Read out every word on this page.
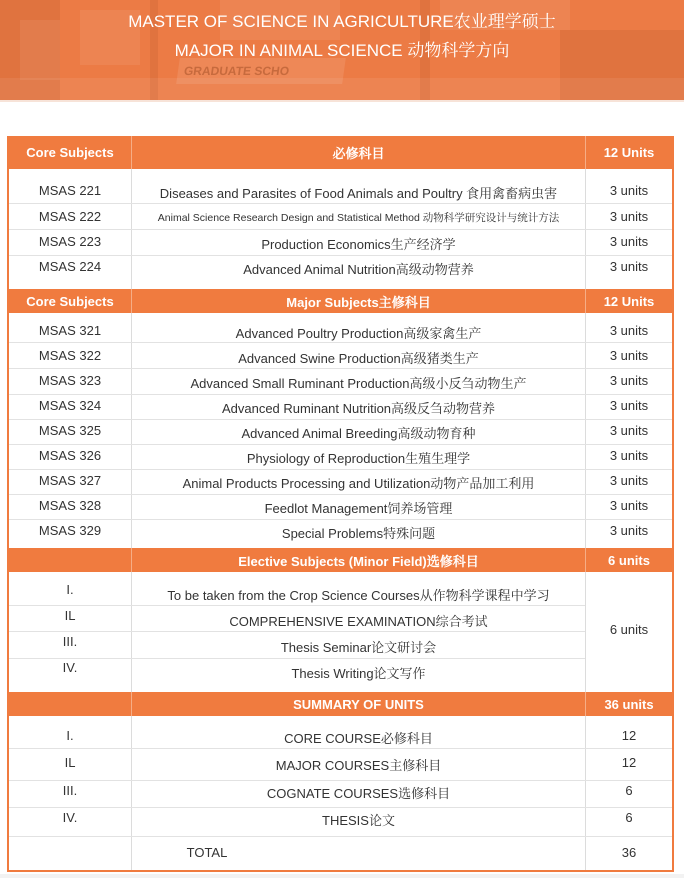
GRADUATE SCHO
MASTER OF SCIENCE IN AGRICULTURE农业理学硕士
MAJOR IN ANIMAL SCIENCE 动物科学方向
Core Subjects	必修科目	12 Units
MSAS 221	Diseases and Parasites of Food Animals and Poultry 食用禽畜病虫害	3 units
MSAS 222	Animal Science Research Design and Statistical Method 动物科学研究设计与统计方法	3 units
MSAS 223	Production Economics生产经济学	3 units
MSAS 224	Advanced Animal Nutrition高级动物营养	3 units
Core Subjects	Major Subjects主修科目	12 Units
MSAS 321	Advanced Poultry Production高级家禽生产	3 units
MSAS 322	Advanced Swine Production高级猪类生产	3 units
MSAS 323	Advanced Small Ruminant Production高级小反刍动物生产	3 units
MSAS 324	Advanced Ruminant Nutrition高级反刍动物营养	3 units
MSAS 325	Advanced Animal Breeding高级动物育种	3 units
MSAS 326	Physiology of Reproduction生殖生理学	3 units
MSAS 327	Animal Products Processing and Utilization动物产品加工利用	3 units
MSAS 328	Feedlot Management饲养场管理	3 units
MSAS 329	Special Problems特殊问题	3 units
Elective Subjects (Minor Field)选修科目	6 units
I.	To be taken from the Crop Science Courses从作物科学课程中学习
IL	COMPREHENSIVE EXAMINATION综合考试
III.	Thesis Seminar论文研讨会
IV.	Thesis Writing论文写作
6 units
SUMMARY OF UNITS	36 units
I.	CORE COURSE必修科目	12
IL	MAJOR COURSES主修科目	12
III.	COGNATE COURSES选修科目	6
IV.	THESIS论文	6
TOTAL	36
